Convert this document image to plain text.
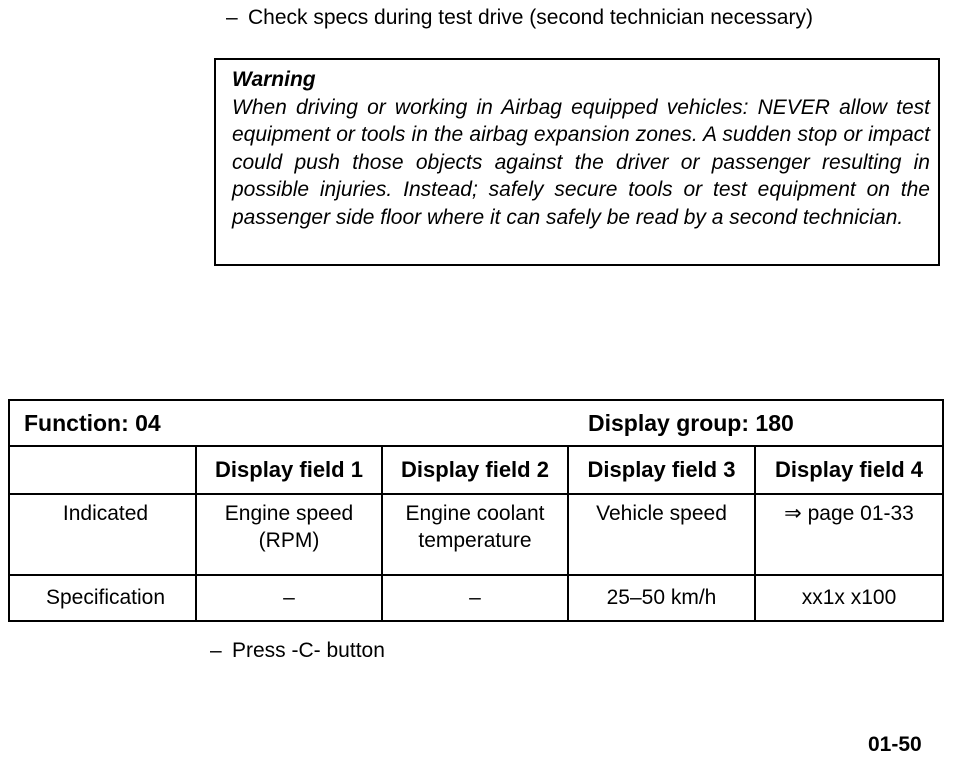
– Check specs during test drive (second technician necessary)
Warning
When driving or working in Airbag equipped vehicles: NEVER allow test equipment or tools in the airbag expansion zones. A sudden stop or impact could push those objects against the driver or passenger resulting in possible injuries. Instead; safely secure tools or test equipment on the passenger side floor where it can safely be read by a second technician.
Function: 04 Display group: 180				

	Display field 1	Display field 2	Display field 3	Display field 4
Indicated	Engine speed (RPM)	Engine coolant temperature	Vehicle speed	⇒ page 01-33
Specification	–	–	25–50 km/h	xx1x x100
– Press -C- button
01-50
